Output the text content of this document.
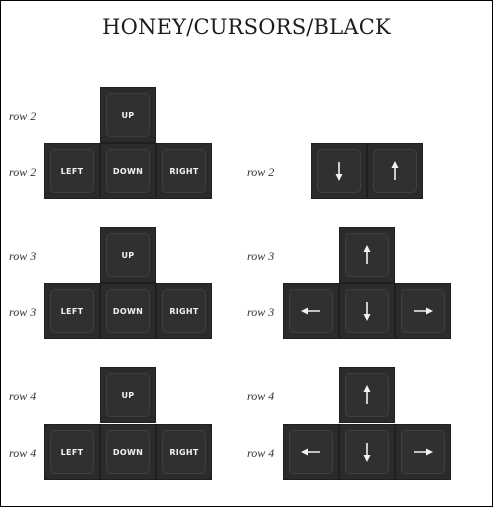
HONEY/CURSORS/BLACK
row 2
row 2	row 2
row 3	row 3
row 3	row 3
row 4	row 4
row 4	row 4
UP
LEFT	DOWN	RIGHT
UP
LEFT	DOWN	RIGHT
UP
LEFT	DOWN	RIGHT
